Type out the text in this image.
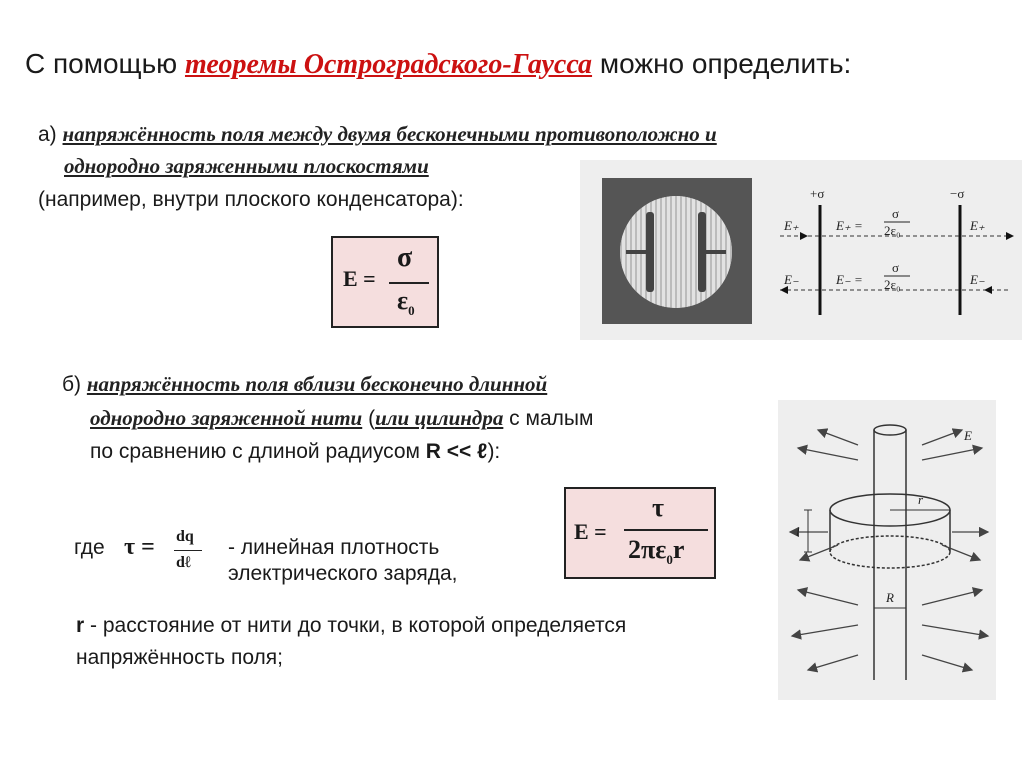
С помощью теоремы Остроградского-Гаусса можно определить:
а) напряжённость поля между двумя бесконечными противоположно и
однородно заряженными плоскостями
(например, внутри плоского конденсатора):
E =
σ
$\varepsilon_0$
+σ	−σ
E₊	E₊
E₋	E₋
E₊ =
σ
2ε₀
E₋ =
σ
2ε₀
б) напряжённость поля вблизи бесконечно длинной
однородно заряженной нити (или цилиндра с малым
по сравнению с длиной радиусом R << ℓ):
E =
τ
$2\pi\varepsilon_0r$
где τ = dq
dℓ
- линейная плотность
электрического заряда,
r - расстояние от нити до точки, в которой определяется
напряжённость поля;
E
l
r
R
